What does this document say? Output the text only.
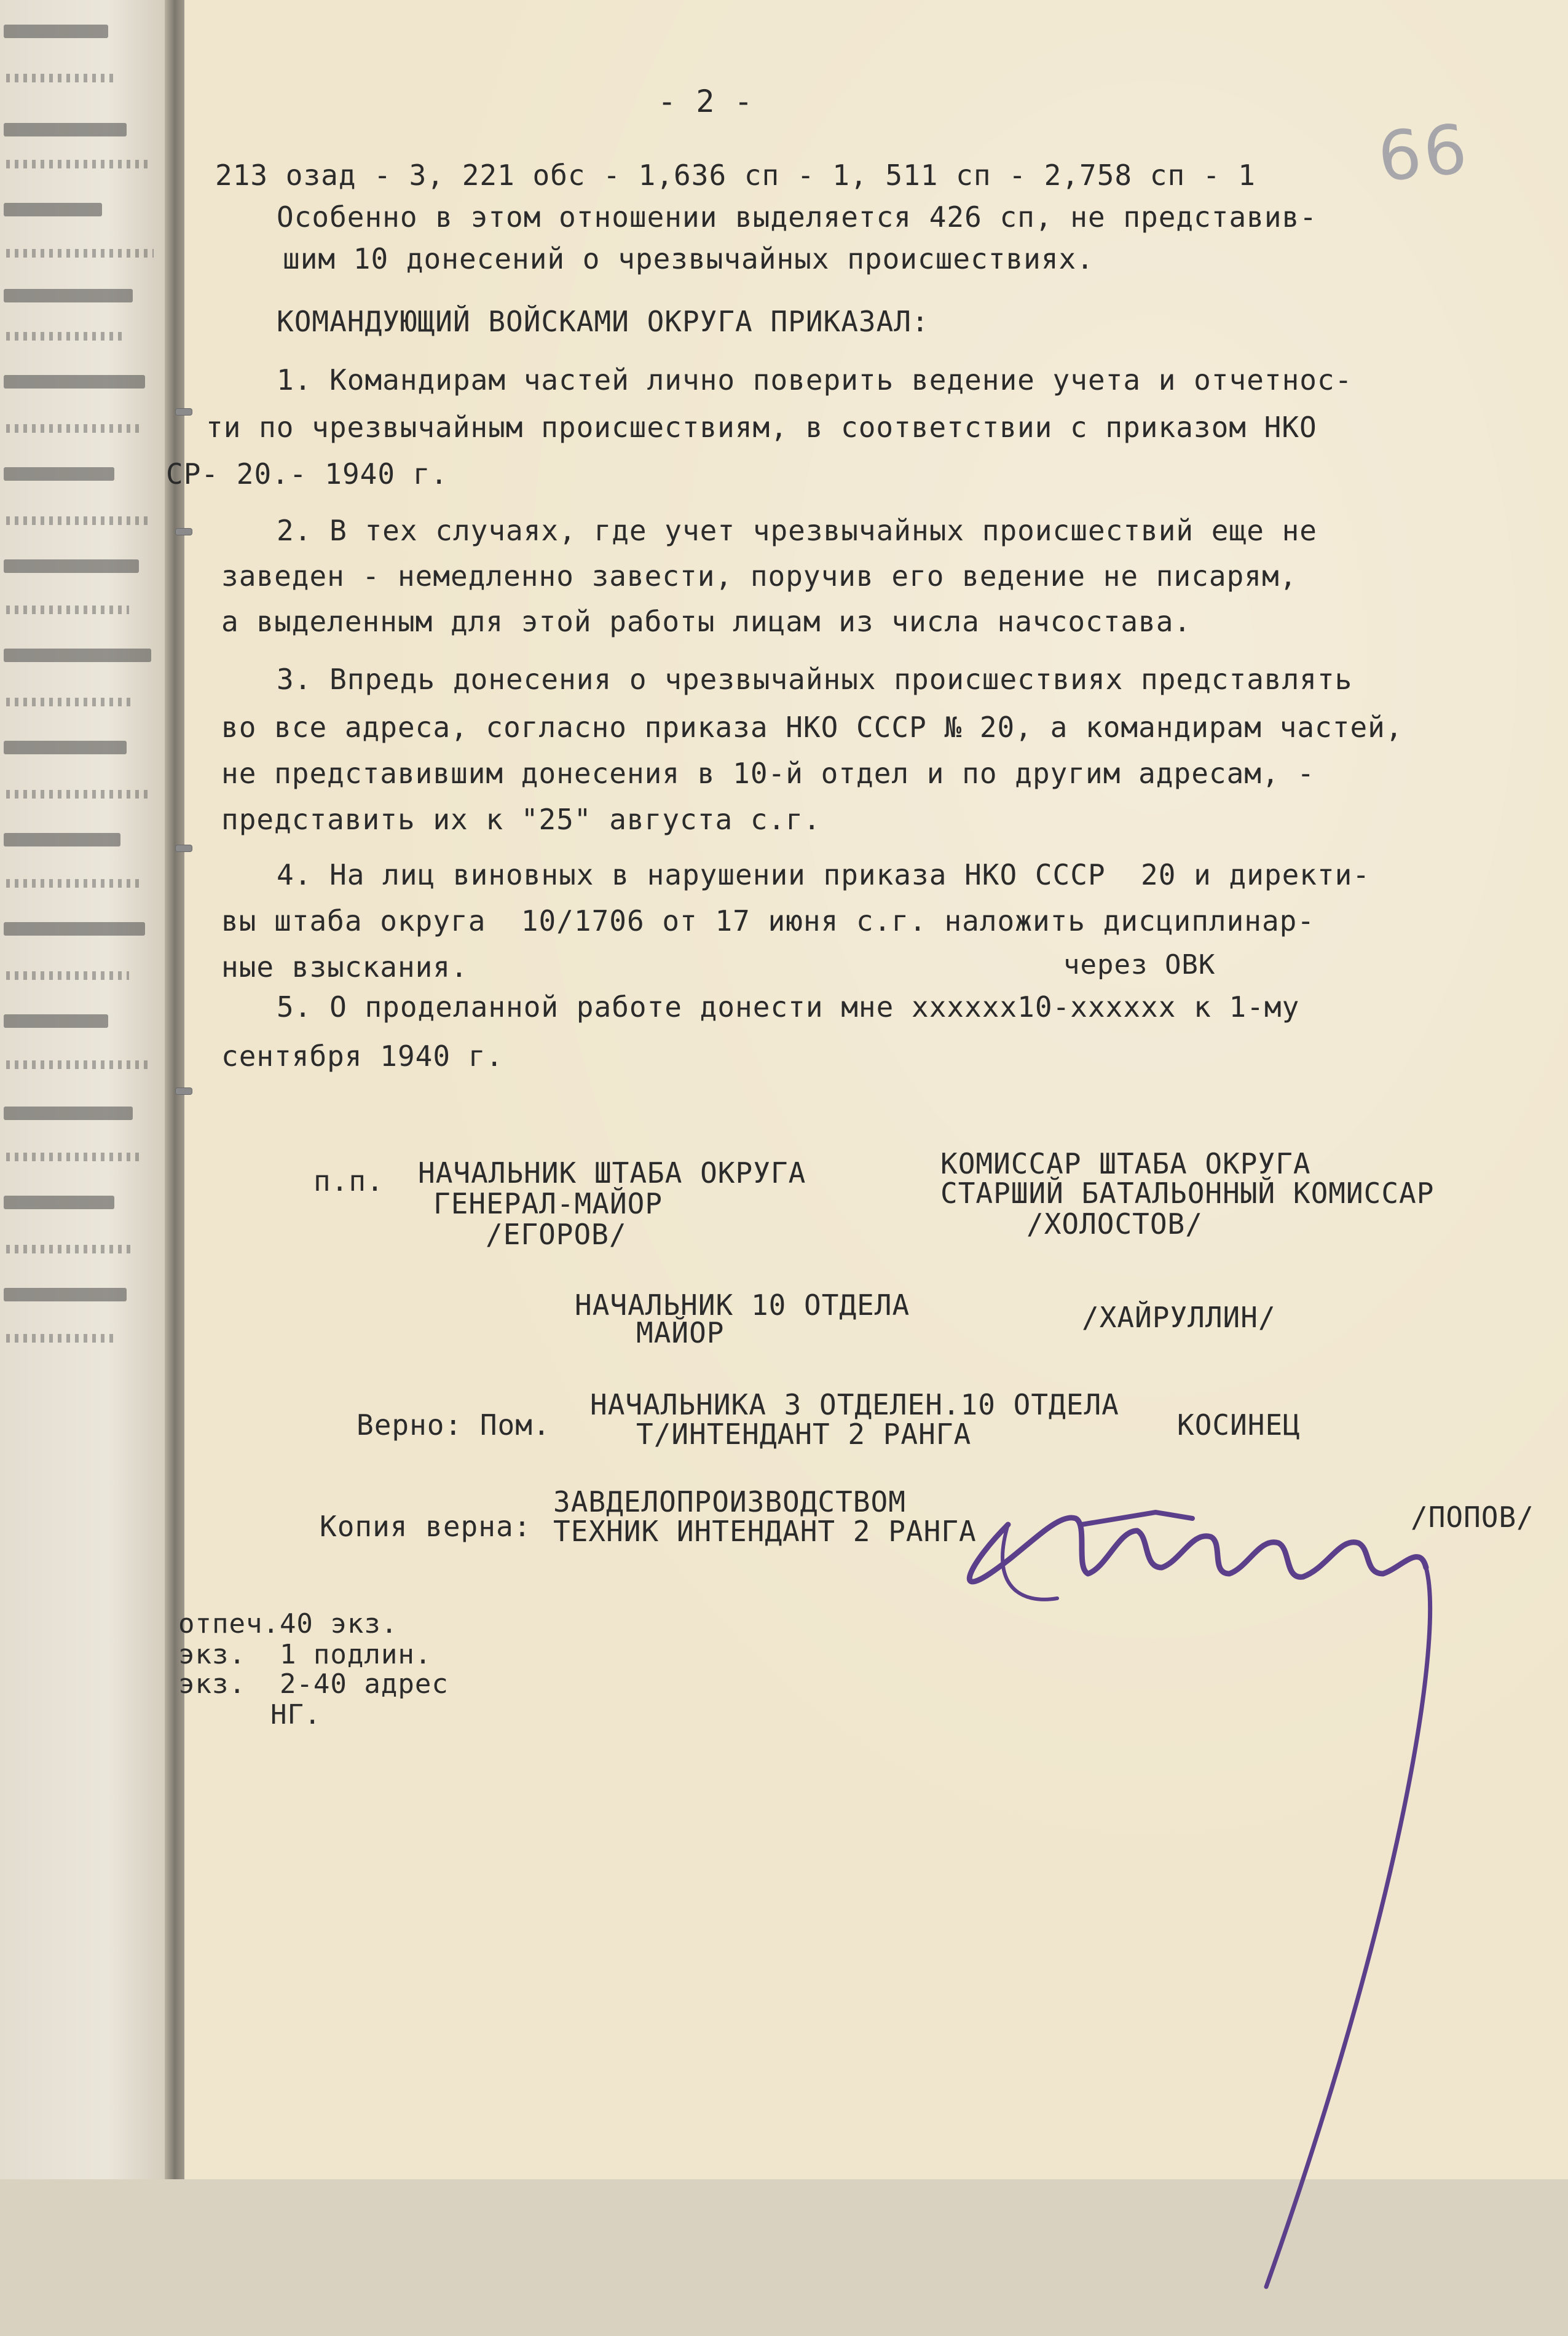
- 2 -
66
213 озад - 3, 221 обс - 1,636 сп - 1, 511 сп - 2,758 сп - 1
Особенно в этом отношении выделяется 426 сп, не представив-
шим 10 донесений о чрезвычайных происшествиях.
КОМАНДУЮЩИЙ ВОЙСКАМИ ОКРУГА ПРИКАЗАЛ:
1. Командирам частей лично поверить ведение учета и отчетнос-
ти по чрезвычайным происшествиям, в соответствии с приказом НКО
СР- 20.- 1940 г.
2. В тех случаях, где учет чрезвычайных происшествий еще не
заведен - немедленно завести, поручив его ведение не писарям,
а выделенным для этой работы лицам из числа начсостава.
3. Впредь донесения о чрезвычайных происшествиях представлять
во все адреса, согласно приказа НКО СССР № 20, а командирам частей,
не представившим донесения в 10-й отдел и по другим адресам, -
представить их к "25" августа с.г.
4. На лиц виновных в нарушении приказа НКО СССР  20 и директи-
вы штаба округа  10/1706 от 17 июня с.г. наложить дисциплинар-
ные взыскания.	через ОВК
5. О проделанной работе донести мне хххххх10-хххххх к 1-му
сентября 1940 г.
п.п. НАЧАЛЬНИК ШТАБА ОКРУГА
ГЕНЕРАЛ-МАЙОР
/ЕГОРОВ/
КОМИССАР ШТАБА ОКРУГА
СТАРШИЙ БАТАЛЬОННЫЙ КОМИССАР
/ХОЛОСТОВ/
НАЧАЛЬНИК 10 ОТДЕЛА
МАЙОР	/ХАЙРУЛЛИН/
Верно: Пом.
НАЧАЛЬНИКА 3 ОТДЕЛЕН.10 ОТДЕЛА
Т/ИНТЕНДАНТ 2 РАНГА	КОСИНЕЦ
Копия верна:
ЗАВДЕЛОПРОИЗВОДСТВОМ
ТЕХНИК ИНТЕНДАНТ 2 РАНГА	/ПОПОВ/
отпеч.40 экз.
экз.  1 подлин.
экз.  2-40 адрес
НГ.
